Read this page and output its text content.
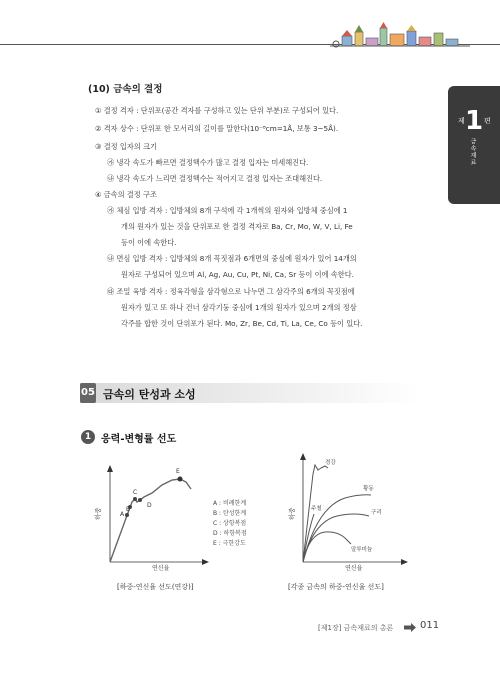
제 1 편
금속재료
(10) 금속의 결정
① 결정 격자 : 단위포(공간 격자를 구성하고 있는 단위 부분)로 구성되어 있다.
② 격자 상수 : 단위포 한 모서리의 길이를 말한다(10⁻⁸cm=1Å, 보통 3~5Å).
③ 결정 입자의 크기
㉮ 냉각 속도가 빠르면 결정핵수가 많고 결정 입자는 미세해진다.
㉯ 냉각 속도가 느리면 결정핵수는 적어지고 결정 입자는 조대해진다.
④ 금속의 결정 구조
㉮ 체심 입방 격자 : 입방체의 8개 구석에 각 1개씩의 원자와 입방체 중심에 1
개의 원자가 있는 것을 단위포로 한 결정 격자로 Ba, Cr, Mo, W, V, Li, Fe
등이 이에 속한다.
㉯ 면심 입방 격자 : 입방체의 8개 꼭짓점과 6개면의 중심에 원자가 있어 14개의
원자로 구성되어 있으며 Al, Ag, Au, Cu, Pt, Ni, Ca, Sr 등이 이에 속한다.
㉰ 조밀 육방 격자 : 정육각형을 삼각형으로 나누면 그 삼각주의 6개의 꼭짓점에
원자가 있고 또 하나 건너 삼각기둥 중심에 1개의 원자가 있으며 2개의 정삼
각주를 합한 것이 단위포가 된다. Mo, Zr, Be, Cd, Ti, La, Ce, Co 등이 있다.
05 금속의 탄성과 소성
1 응력-변형률 선도
A
B
C
D
E
하중
연신율
A : 비례한계
B : 탄성한계
C : 상항복점
D : 하항복점
E : 극한강도
[하중-연신율 선도(연강)]
경강
황동
주철
구리
알루미늄
하중
연신율
[각종 금속의 하중-연신율 선도]
[제1장] 금속재료의 총론	011
